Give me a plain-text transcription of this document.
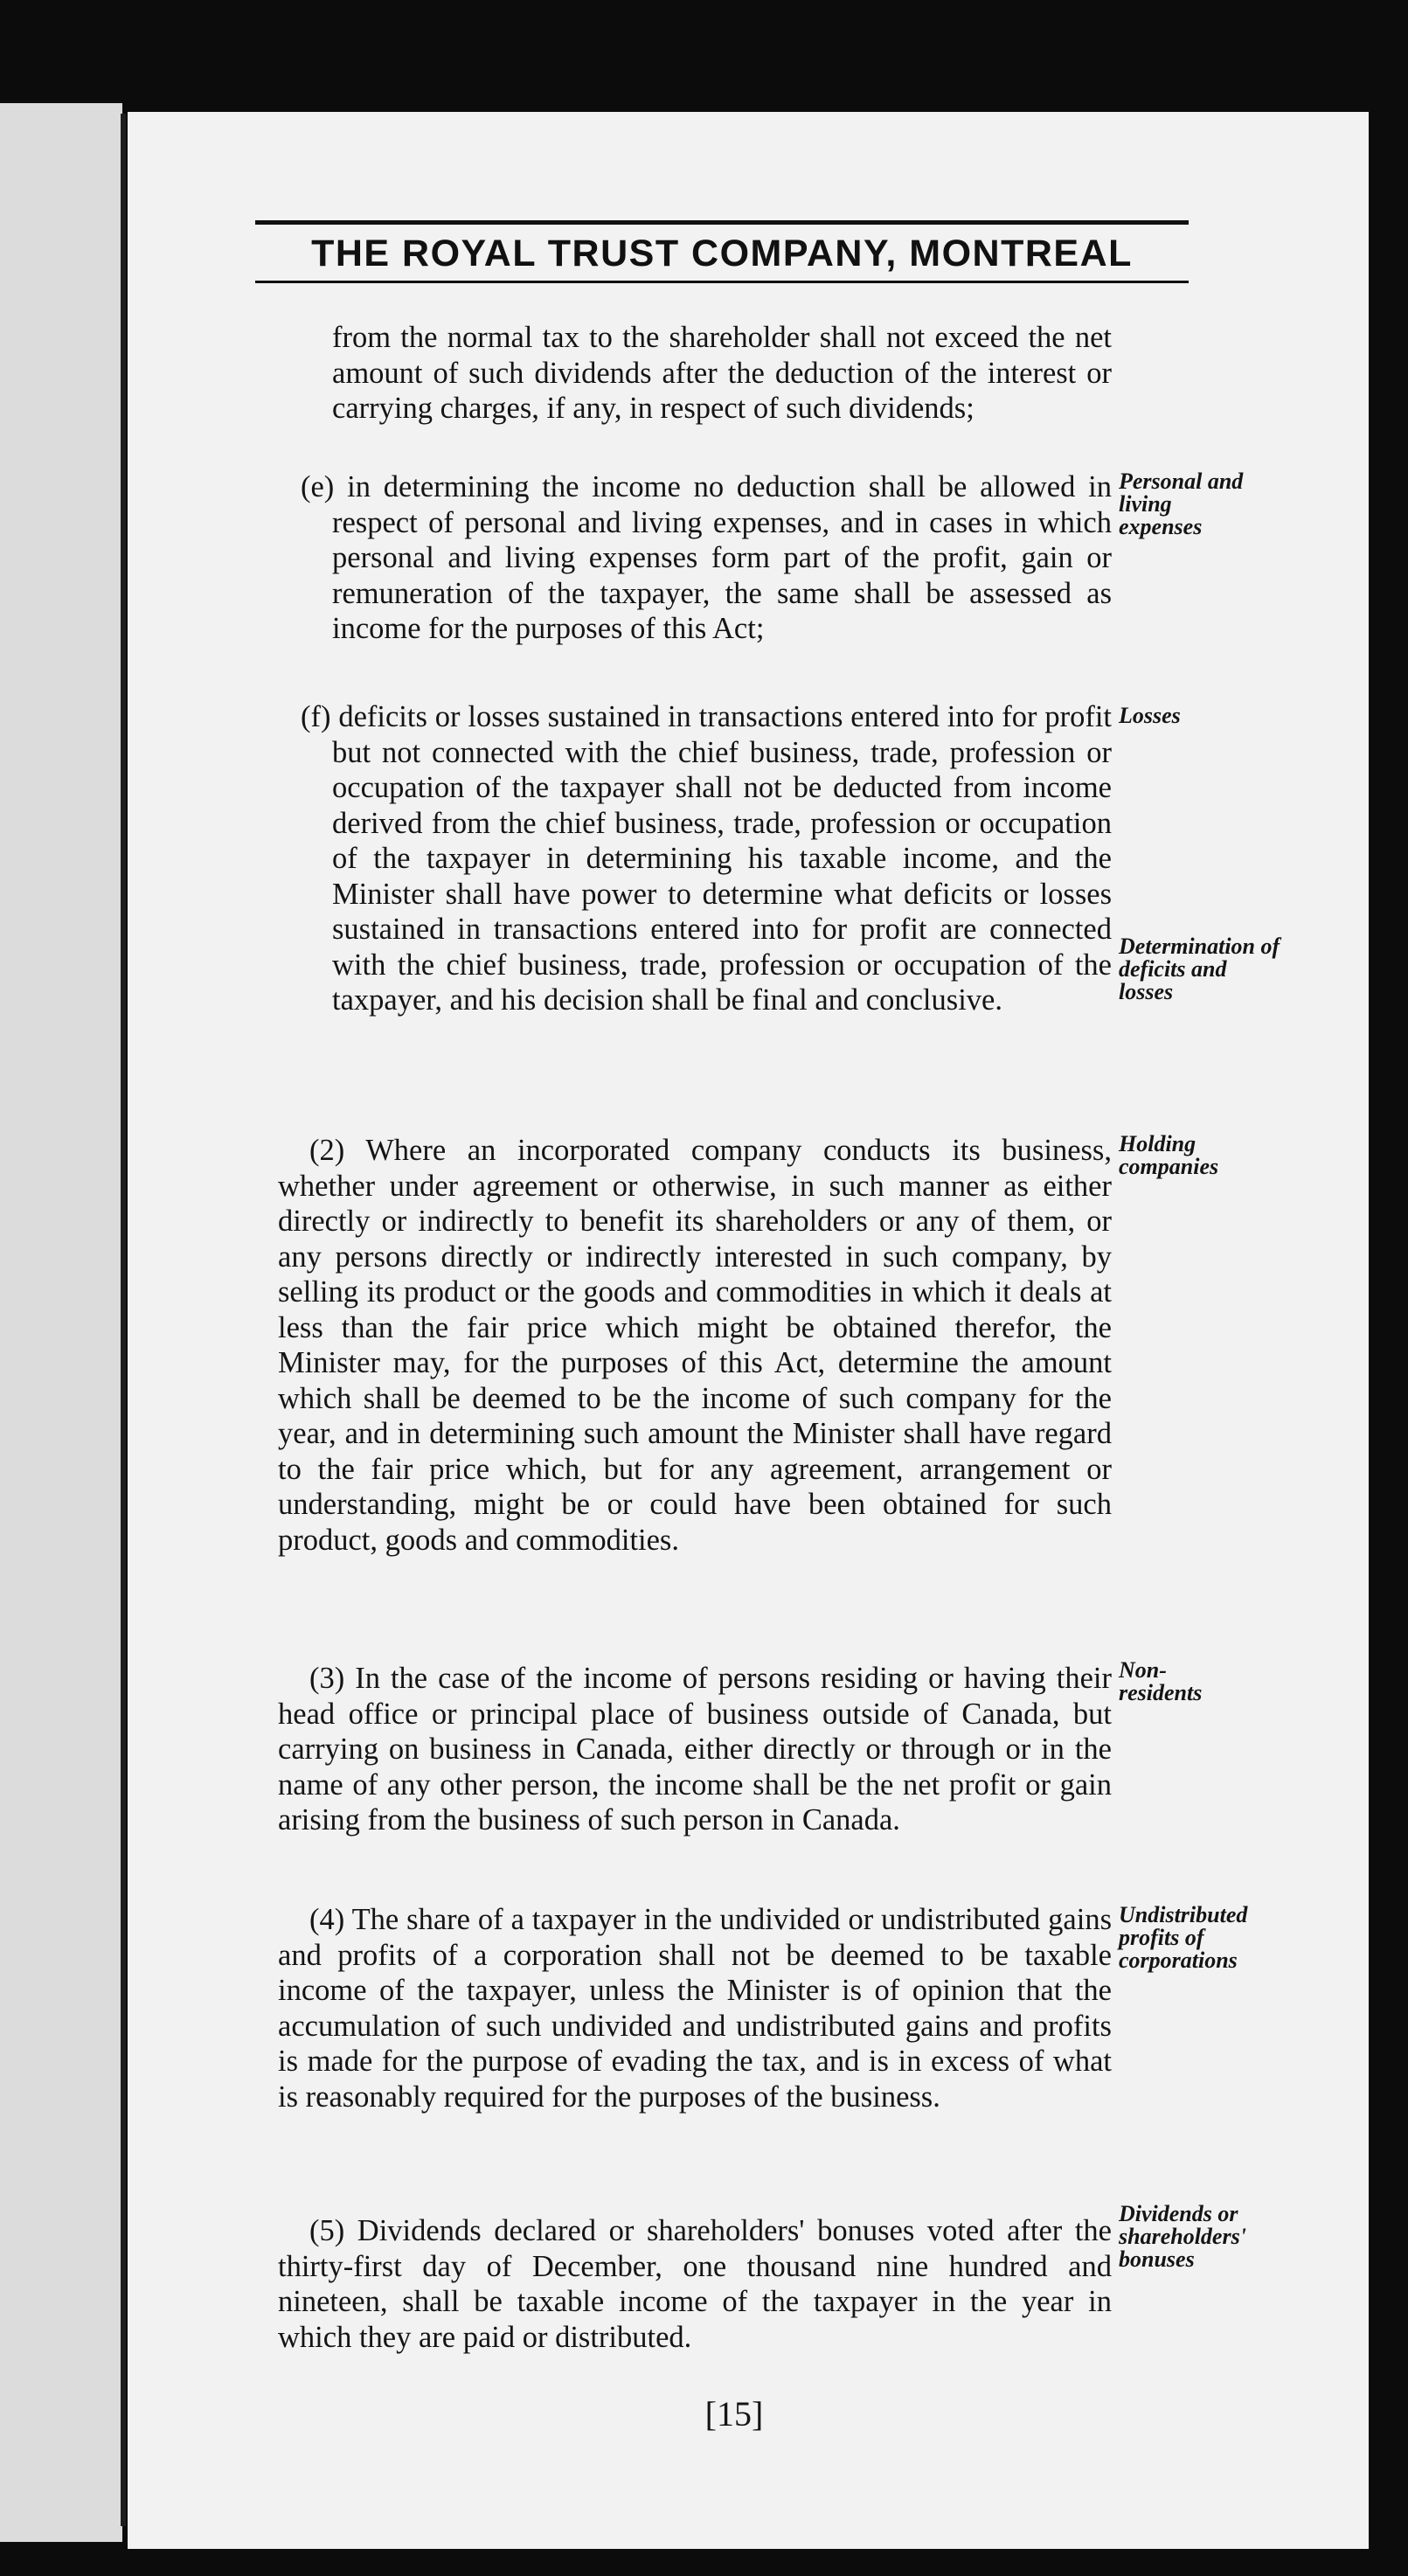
THE ROYAL TRUST COMPANY, MONTREAL

from the normal tax to the shareholder shall not exceed the net amount of such dividends after the deduction of the interest or carrying charges, if any, in respect of such dividends;

(e) in determining the income no deduction shall be allowed in respect of personal and living expenses, and in cases in which personal and living expenses form part of the profit, gain or remuneration of the taxpayer, the same shall be assessed as income for the purposes of this Act;

(f) deficits or losses sustained in transactions entered into for profit but not connected with the chief business, trade, profession or occupation of the taxpayer shall not be deducted from income derived from the chief business, trade, profession or occupation of the taxpayer in determining his taxable income, and the Minister shall have power to determine what deficits or losses sustained in transactions entered into for profit are connected with the chief business, trade, profession or occupation of the taxpayer, and his decision shall be final and conclusive.

(2) Where an incorporated company conducts its business, whether under agreement or otherwise, in such manner as either directly or indirectly to benefit its shareholders or any of them, or any persons directly or indirectly interested in such company, by selling its product or the goods and commodities in which it deals at less than the fair price which might be obtained therefor, the Minister may, for the purposes of this Act, determine the amount which shall be deemed to be the income of such company for the year, and in determining such amount the Minister shall have regard to the fair price which, but for any agreement, arrangement or understanding, might be or could have been obtained for such product, goods and commodities.

(3) In the case of the income of persons residing or having their head office or principal place of business outside of Canada, but carrying on business in Canada, either directly or through or in the name of any other person, the income shall be the net profit or gain arising from the business of such person in Canada.

(4) The share of a taxpayer in the undivided or undistributed gains and profits of a corporation shall not be deemed to be taxable income of the taxpayer, unless the Minister is of opinion that the accumulation of such undivided and undistributed gains and profits is made for the purpose of evading the tax, and is in excess of what is reasonably required for the purposes of the business.

(5) Dividends declared or shareholders' bonuses voted after the thirty-first day of December, one thousand nine hundred and nineteen, shall be taxable income of the taxpayer in the year in which they are paid or distributed.

Personal and living expenses
Losses
Determination of deficits and losses
Holding companies
Non-residents
Undistributed profits of corporations
Dividends or shareholders' bonuses
[15]
